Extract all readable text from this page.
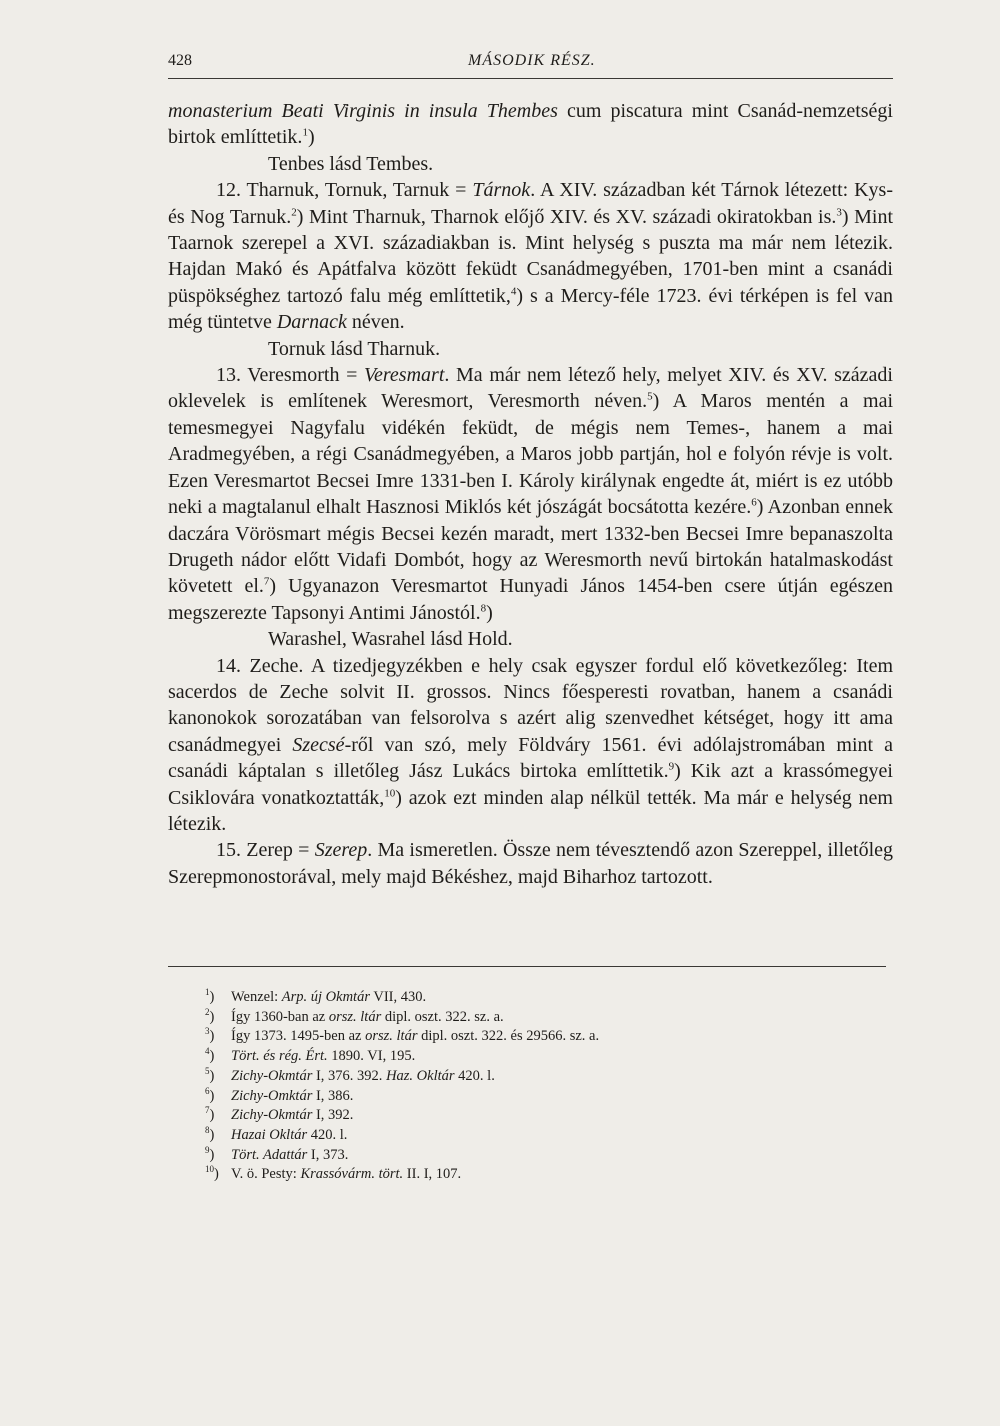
428	MÁSODIK RÉSZ.

monasterium Beati Virginis in insula Thembes cum piscatura mint Csanád-nemzetségi birtok említtetik.$^1$)

Tenbes lásd Tembes.

12. Tharnuk, Tornuk, Tarnuk = Tárnok. A XIV. században két Tárnok létezett: Kys- és Nog Tarnuk.$^2$) Mint Tharnuk, Tharnok előjő XIV. és XV. századi okiratokban is.$^3$) Mint Taarnok szerepel a XVI. századiakban is. Mint helység s puszta ma már nem létezik. Hajdan Makó és Apátfalva között feküdt Csanádmegyében, 1701-ben mint a csanádi püspökséghez tartozó falu még említtetik,$^4$) s a Mercy-féle 1723. évi térképen is fel van még tüntetve Darnack néven.

Tornuk lásd Tharnuk.

13. Veresmorth = Veresmart. Ma már nem létező hely, melyet XIV. és XV. századi oklevelek is említenek Weresmort, Veresmorth néven.$^5$) A Maros mentén a mai temesmegyei Nagyfalu vidékén feküdt, de mégis nem Temes-, hanem a mai Aradmegyében, a régi Csanádmegyében, a Maros jobb partján, hol e folyón révje is volt. Ezen Veresmartot Becsei Imre 1331-ben I. Károly királynak engedte át, miért is ez utóbb neki a magtalanul elhalt Hasznosi Miklós két jószágát bocsátotta kezére.$^6$) Azonban ennek daczára Vörösmart mégis Becsei kezén maradt, mert 1332-ben Becsei Imre bepanaszolta Drugeth nádor előtt Vidafi Dombót, hogy az Weresmorth nevű birtokán hatalmaskodást követett el.$^7$) Ugyanazon Veresmartot Hunyadi János 1454-ben csere útján egészen megszerezte Tapsonyi Antimi Jánostól.$^8$)

Warashel, Wasrahel lásd Hold.

14. Zeche. A tizedjegyzékben e hely csak egyszer fordul elő következőleg: Item sacerdos de Zeche solvit II. grossos. Nincs főesperesti rovatban, hanem a csanádi kanonokok sorozatában van felsorolva s azért alig szenvedhet kétséget, hogy itt ama csanádmegyei Szecsé-ről van szó, mely Földváry 1561. évi adólajstromában mint a csanádi káptalan s illetőleg Jász Lukács birtoka említtetik.$^9$) Kik azt a krassómegyei Csiklovára vonatkoztatták,$^{10}$) azok ezt minden alap nélkül tették. Ma már e helység nem létezik.

15. Zerep = Szerep. Ma ismeretlen. Össze nem tévesztendő azon Szereppel, illetőleg Szerepmonostorával, mely majd Békéshez, majd Biharhoz tartozott.

$^1$) Wenzel: Arp. új Okmtár VII, 430.
$^2$) Így 1360-ban az orsz. ltár dipl. oszt. 322. sz. a.
$^3$) Így 1373. 1495-ben az orsz. ltár dipl. oszt. 322. és 29566. sz. a.
$^4$) Tört. és rég. Ért. 1890. VI, 195.
$^5$) Zichy-Okmtár I, 376. 392. Haz. Okltár 420. l.
$^6$) Zichy-Omktár I, 386.
$^7$) Zichy-Okmtár I, 392.
$^8$) Hazai Okltár 420. l.
$^9$) Tört. Adattár I, 373.
$^{10}$) V. ö. Pesty: Krassóvárm. tört. II. I, 107.
